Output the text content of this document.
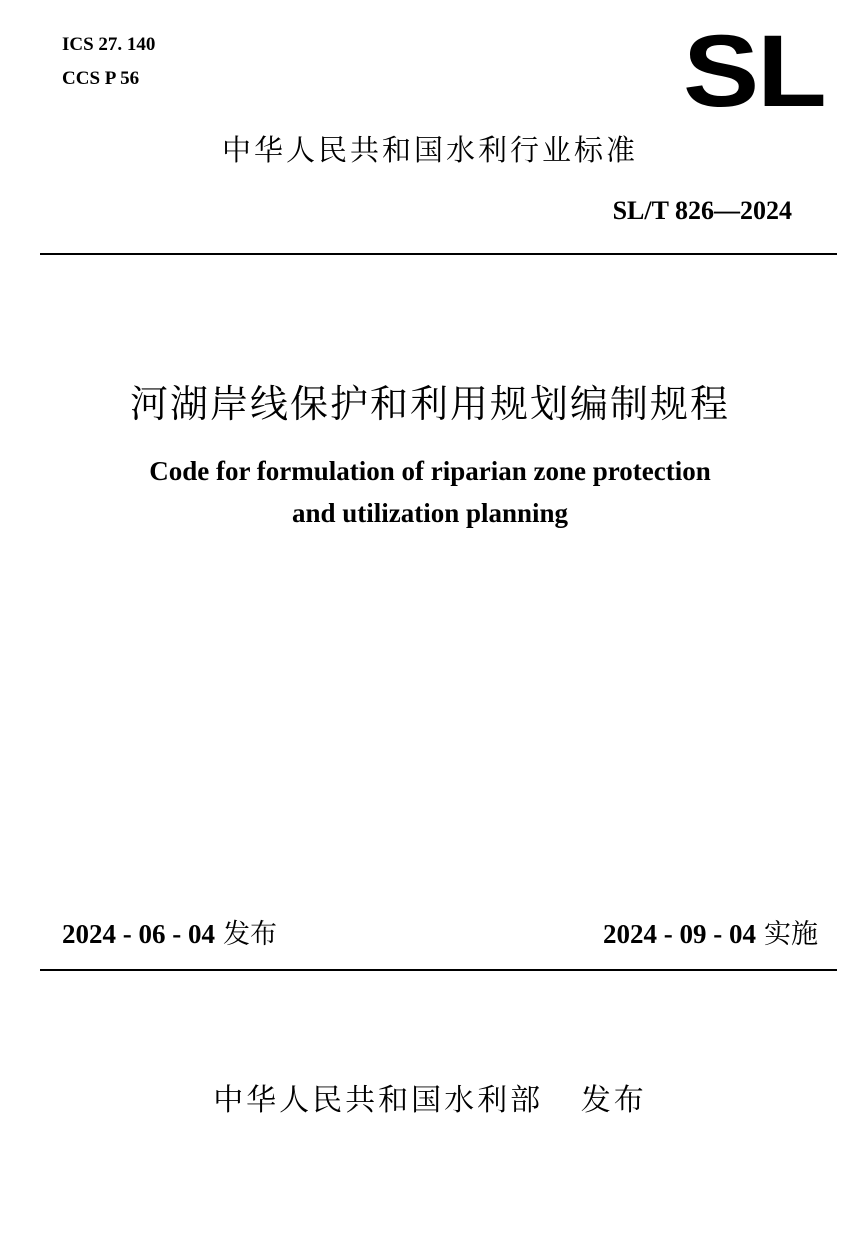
ICS 27. 140
CCS P 56	SL
中华人民共和国水利行业标准
SL/T 826—2024
河湖岸线保护和利用规划编制规程
Code for formulation of riparian zone protection
and utilization planning
2024 - 06 - 04 发布	2024 - 09 - 04 实施
中华人民共和国水利部   发布
